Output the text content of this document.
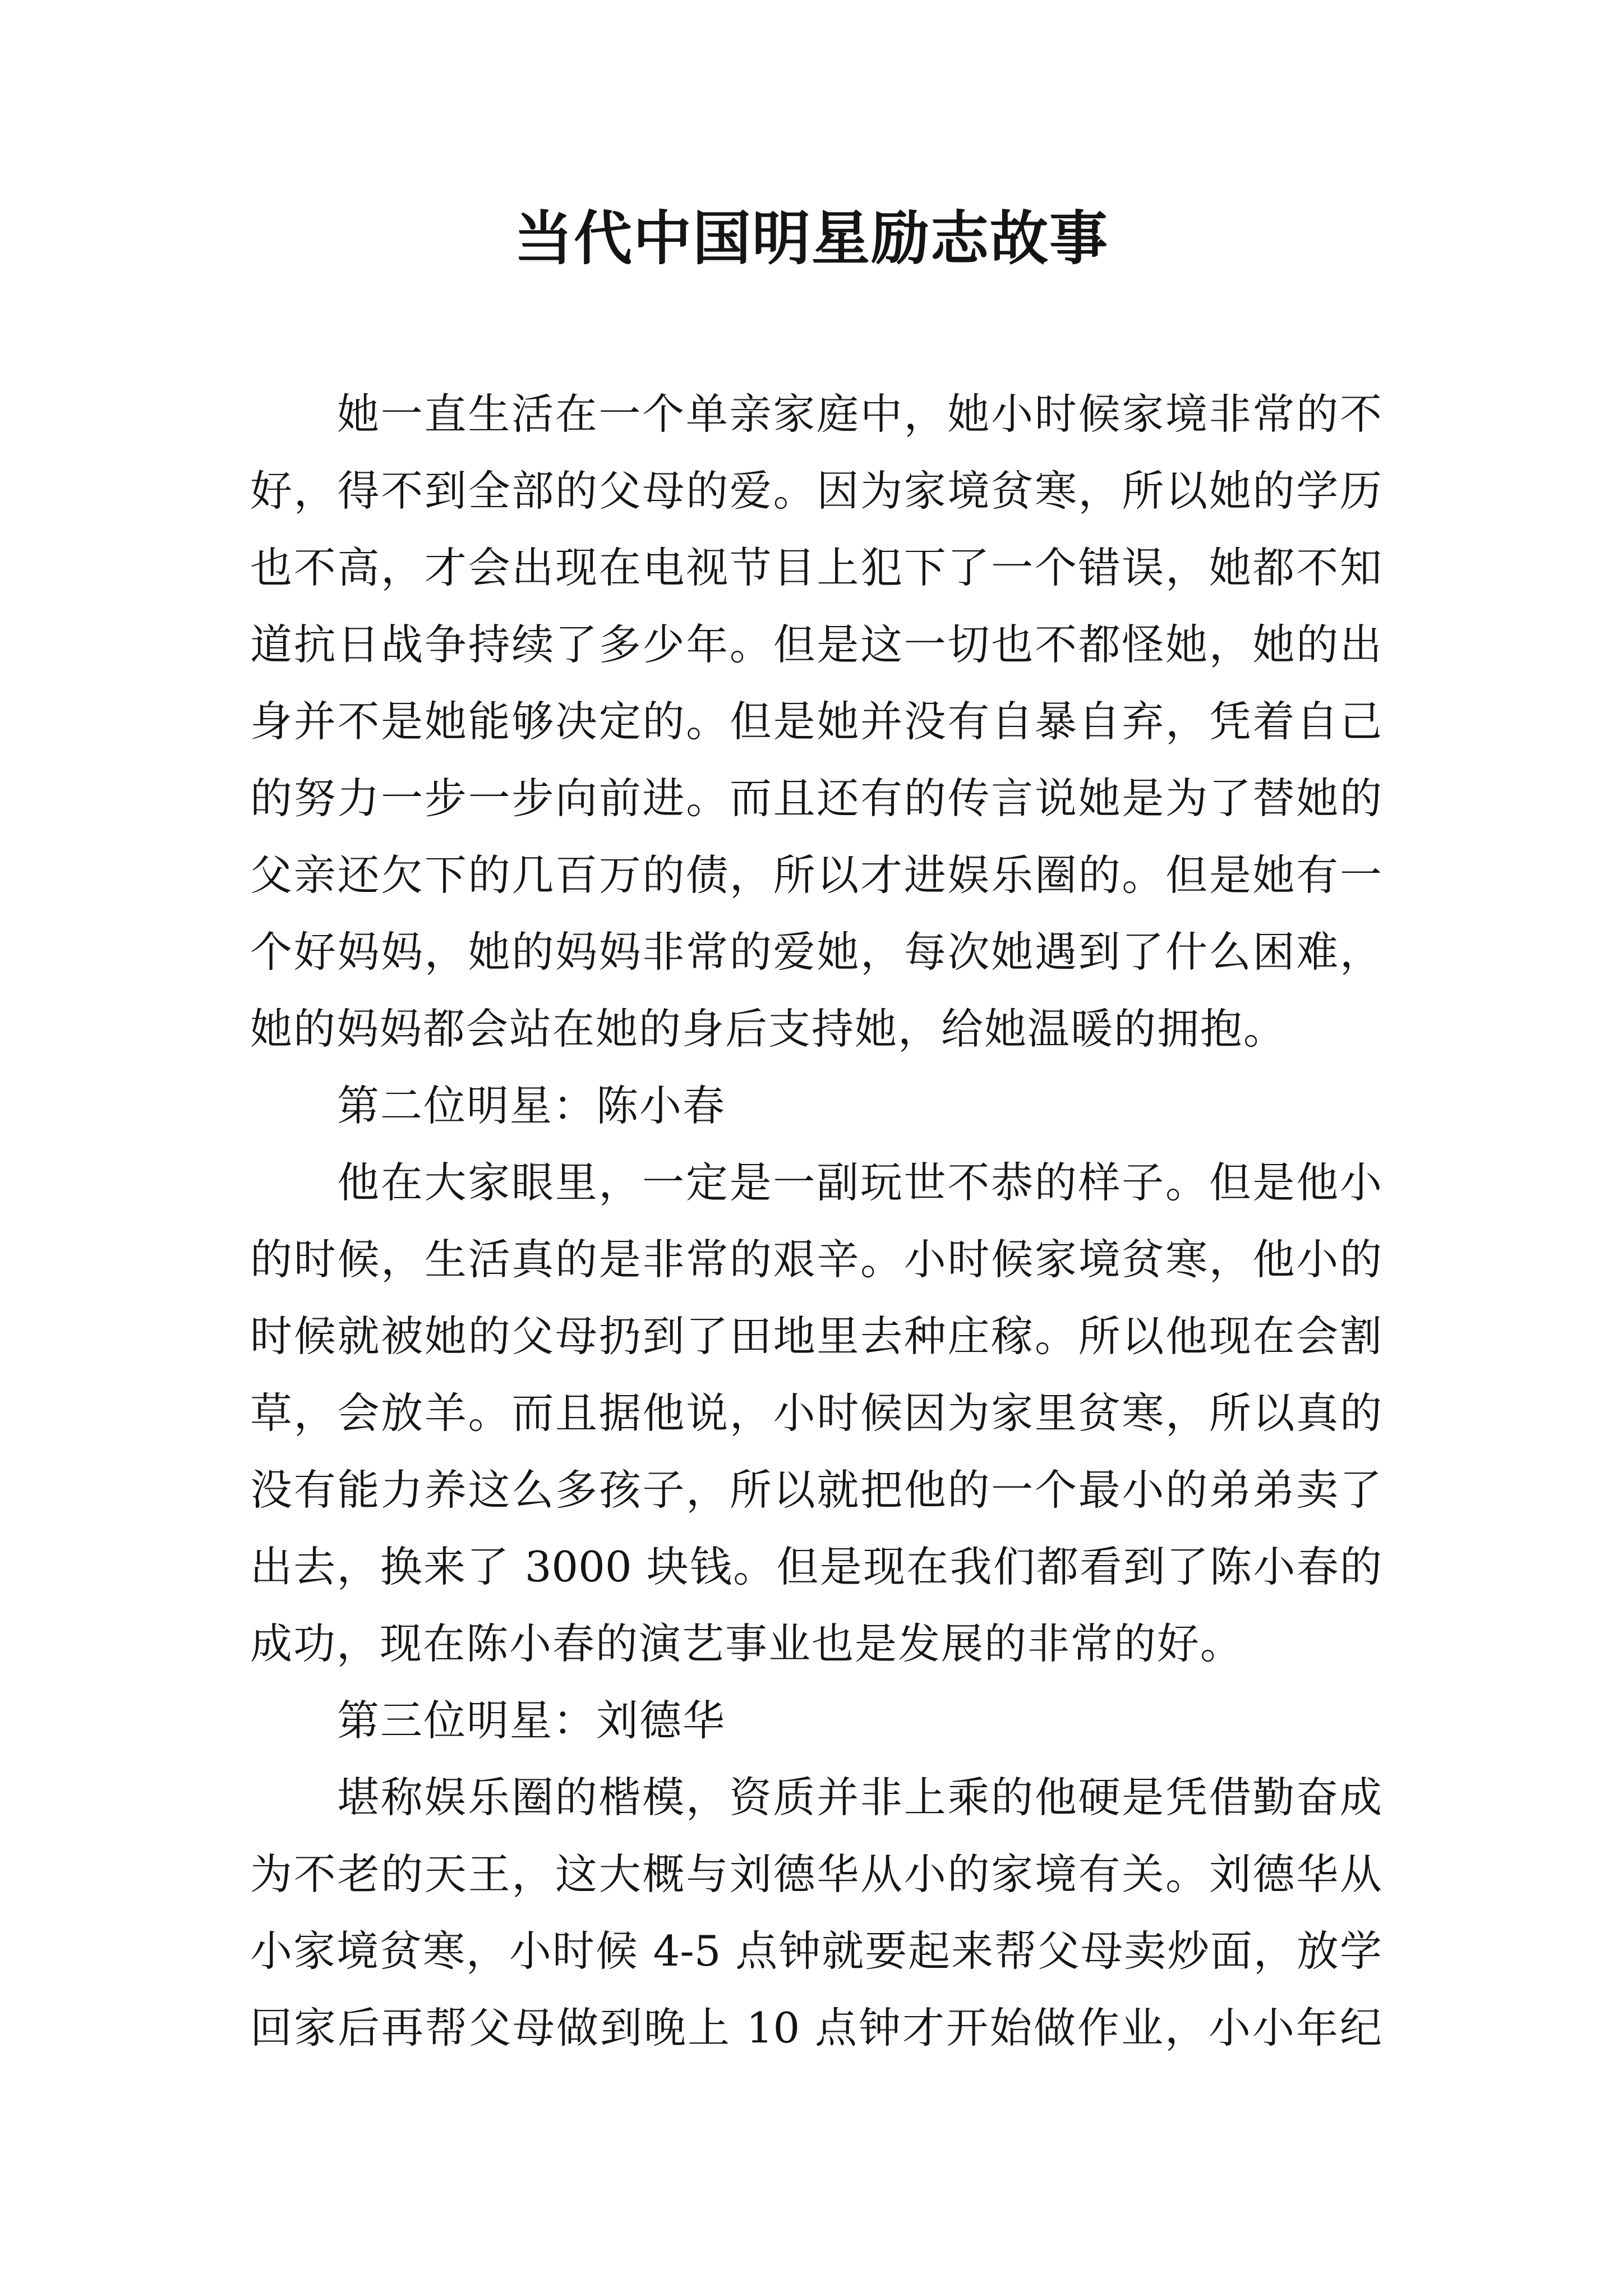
当代中国明星励志故事
她一直生活在一个单亲家庭中，她小时候家境非常的不
好，得不到全部的父母的爱。因为家境贫寒，所以她的学历
也不高，才会出现在电视节目上犯下了一个错误，她都不知
道抗日战争持续了多少年。但是这一切也不都怪她，她的出
身并不是她能够决定的。但是她并没有自暴自弃，凭着自己
的努力一步一步向前进。而且还有的传言说她是为了替她的
父亲还欠下的几百万的债，所以才进娱乐圈的。但是她有一
个好妈妈，她的妈妈非常的爱她，每次她遇到了什么困难，
她的妈妈都会站在她的身后支持她，给她温暖的拥抱。
第二位明星：陈小春
他在大家眼里，一定是一副玩世不恭的样子。但是他小
的时候，生活真的是非常的艰辛。小时候家境贫寒，他小的
时候就被她的父母扔到了田地里去种庄稼。所以他现在会割
草，会放羊。而且据他说，小时候因为家里贫寒，所以真的
没有能力养这么多孩子，所以就把他的一个最小的弟弟卖了
出去，换来了 3000 块钱。但是现在我们都看到了陈小春的
成功，现在陈小春的演艺事业也是发展的非常的好。
第三位明星：刘德华
堪称娱乐圈的楷模，资质并非上乘的他硬是凭借勤奋成
为不老的天王，这大概与刘德华从小的家境有关。刘德华从
小家境贫寒，小时候 4-5 点钟就要起来帮父母卖炒面，放学
回家后再帮父母做到晚上 10 点钟才开始做作业，小小年纪
